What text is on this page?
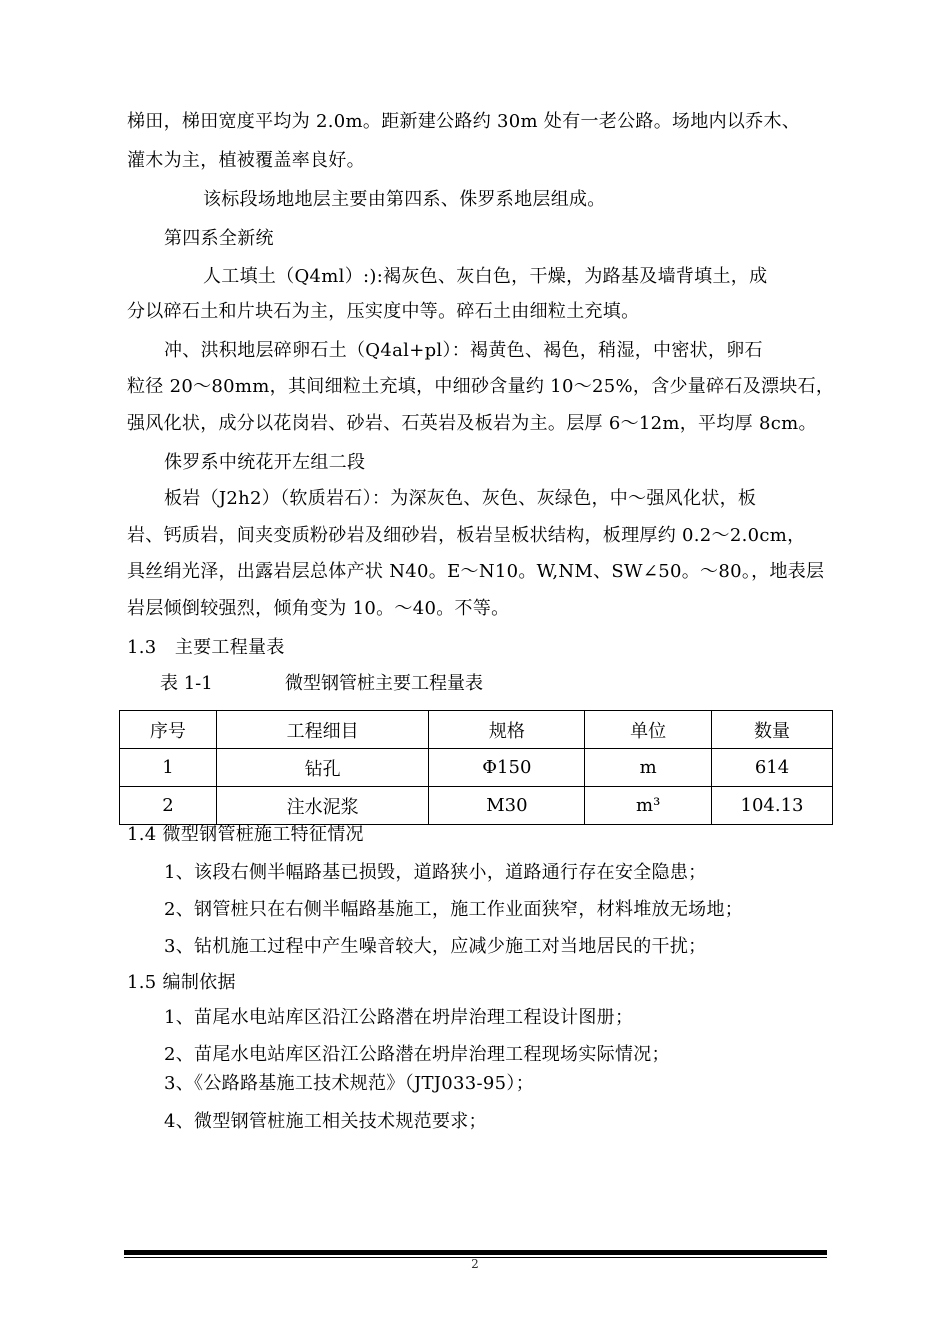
梯田，梯田宽度平均为 2.0m。距新建公路约 30m 处有一老公路。场地内以乔木、
灌木为主，植被覆盖率良好。
该标段场地地层主要由第四系、侏罗系地层组成。
第四系全新统
人工填土（Q4ml）:):褐灰色、灰白色，干燥，为路基及墙背填土，成
分以碎石土和片块石为主，压实度中等。碎石土由细粒土充填。
冲、洪积地层碎卵石土（Q4al+pl）：褐黄色、褐色，稍湿，中密状，卵石
粒径 20～80mm，其间细粒土充填，中细砂含量约 10～25%，含少量碎石及漂块石，
强风化状，成分以花岗岩、砂岩、石英岩及板岩为主。层厚 6～12m，平均厚 8cm。
侏罗系中统花开左组二段
板岩（J2h2）（软质岩石）：为深灰色、灰色、灰绿色，中～强风化状，板
岩、钙质岩，间夹变质粉砂岩及细砂岩，板岩呈板状结构，板理厚约 0.2～2.0cm，
具丝绢光泽，出露岩层总体产状 N40。E～N10。W,NM、SW∠50。～80。，地表层
岩层倾倒较强烈，倾角变为 10。～40。不等。
1.3　主要工程量表
表 1-1	微型钢管桩主要工程量表
序号	工程细目	规格	单位	数量
1	钻孔	Φ150	m	614
2	注水泥浆	M30	m³	104.13
1.4 微型钢管桩施工特征情况
1、该段右侧半幅路基已损毁，道路狭小，道路通行存在安全隐患；
2、钢管桩只在右侧半幅路基施工，施工作业面狭窄，材料堆放无场地；
3、钻机施工过程中产生噪音较大，应减少施工对当地居民的干扰；
1.5 编制依据
1、苗尾水电站库区沿江公路潜在坍岸治理工程设计图册；
2、苗尾水电站库区沿江公路潜在坍岸治理工程现场实际情况；
3、《公路路基施工技术规范》（JTJ033-95）；
4、微型钢管桩施工相关技术规范要求；
2
